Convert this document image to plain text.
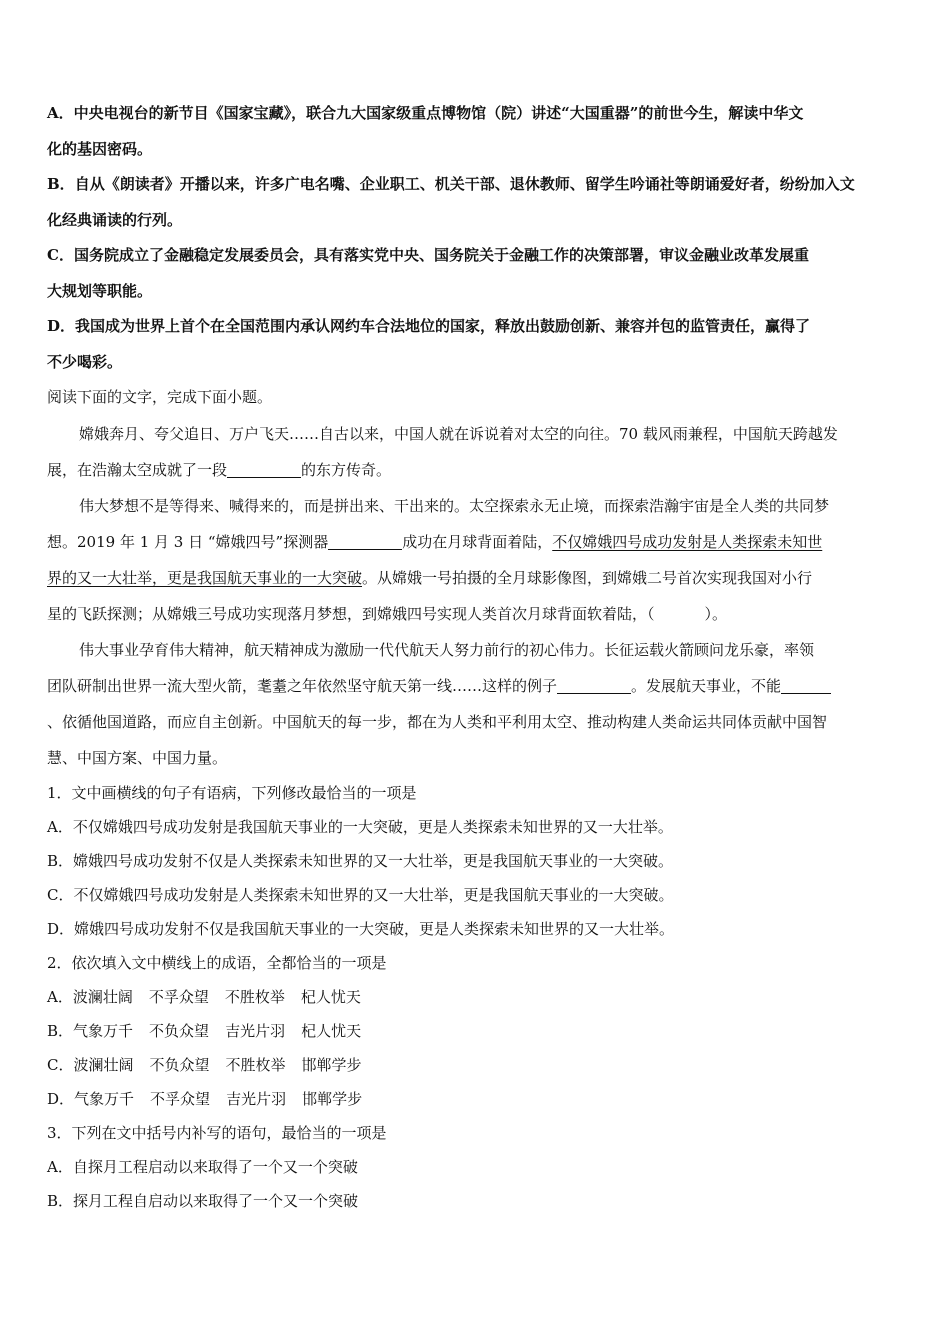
A．中央电视台的新节目《国家宝藏》，联合九大国家级重点博物馆（院）讲述“大国重器”的前世今生，解读中华文
化的基因密码。
B．自从《朗读者》开播以来，许多广电名嘴、企业职工、机关干部、退休教师、留学生吟诵社等朗诵爱好者，纷纷加入文
化经典诵读的行列。
C．国务院成立了金融稳定发展委员会，具有落实党中央、国务院关于金融工作的决策部署，审议金融业改革发展重
大规划等职能。
D．我国成为世界上首个在全国范围内承认网约车合法地位的国家，释放出鼓励创新、兼容并包的监管责任，赢得了
不少喝彩。
阅读下面的文字，完成下面小题。
嫦娥奔月、夸父追日、万户飞天……自古以来，中国人就在诉说着对太空的向往。70 载风雨兼程，中国航天跨越发
展，在浩瀚太空成就了一段	的东方传奇。
伟大梦想不是等得来、喊得来的，而是拼出来、干出来的。太空探索永无止境，而探索浩瀚宇宙是全人类的共同梦
想。2019 年 1 月 3 日 “嫦娥四号”探测器	成功在月球背面着陆，不仅嫦娥四号成功发射是人类探索未知世
界的又一大壮举，更是我国航天事业的一大突破。从嫦娥一号拍摄的全月球影像图，到嫦娥二号首次实现我国对小行
星的飞跃探测；从嫦娥三号成功实现落月梦想，到嫦娥四号实现人类首次月球背面软着陆，（	）。
伟大事业孕育伟大精神，航天精神成为激励一代代航天人努力前行的初心伟力。长征运载火箭顾问龙乐豪，率领
团队研制出世界一流大型火箭，耄耋之年依然坚守航天第一线……这样的例子	。发展航天事业，不能
、依循他国道路，而应自主创新。中国航天的每一步，都在为人类和平利用太空、推动构建人类命运共同体贡献中国智
慧、中国方案、中国力量。
1．文中画横线的句子有语病，下列修改最恰当的一项是
A．不仅嫦娥四号成功发射是我国航天事业的一大突破，更是人类探索未知世界的又一大壮举。
B．嫦娥四号成功发射不仅是人类探索未知世界的又一大壮举，更是我国航天事业的一大突破。
C．不仅嫦娥四号成功发射是人类探索未知世界的又一大壮举，更是我国航天事业的一大突破。
D．嫦娥四号成功发射不仅是我国航天事业的一大突破，更是人类探索未知世界的又一大壮举。
2．依次填入文中横线上的成语，全都恰当的一项是
A．波澜壮阔 不孚众望 不胜枚举 杞人忧天
B．气象万千 不负众望 吉光片羽 杞人忧天
C．波澜壮阔 不负众望 不胜枚举 邯郸学步
D．气象万千 不孚众望 吉光片羽 邯郸学步
3．下列在文中括号内补写的语句，最恰当的一项是
A．自探月工程启动以来取得了一个又一个突破
B．探月工程自启动以来取得了一个又一个突破
